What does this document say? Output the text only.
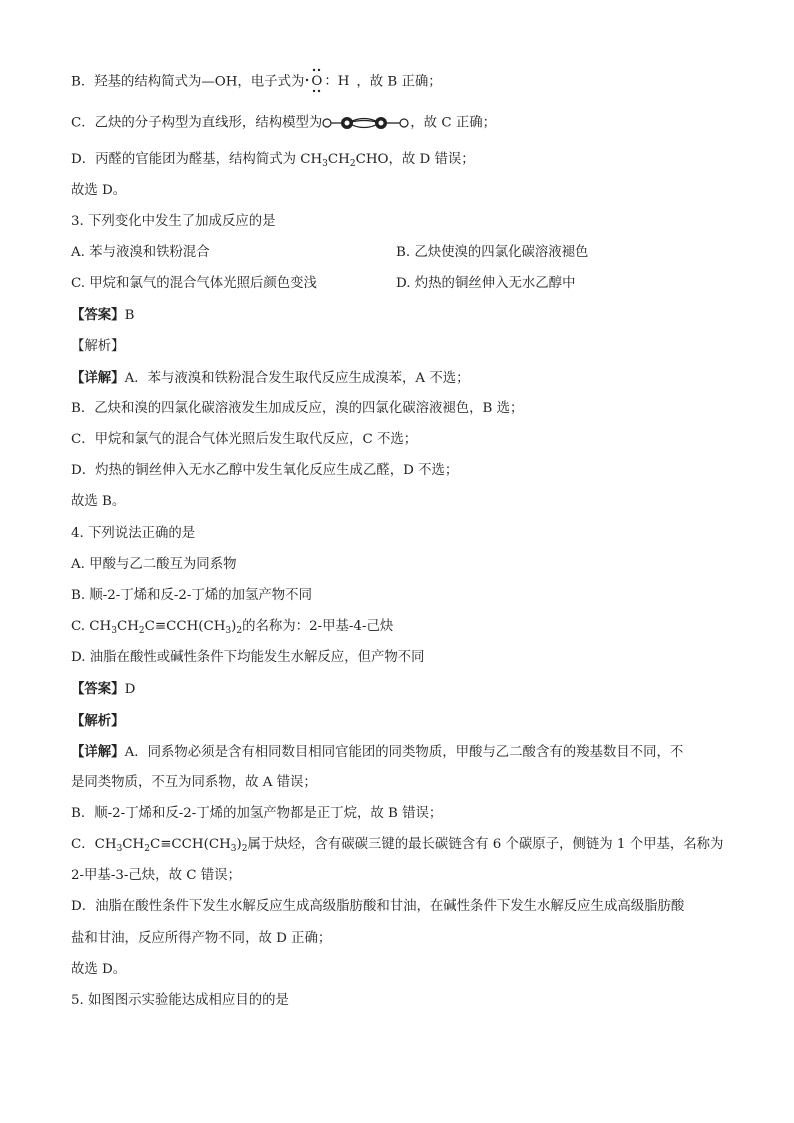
B．羟基的结构简式为—OH，电子式为 O ：H ，故 B 正确；
C．乙炔的分子构型为直线形，结构模型为	，故 C 正确；
D．丙醛的官能团为醛基，结构简式为 $CH_3CH_2CHO$，故 D 错误；
故选 D。
3. 下列变化中发生了加成反应的是
A. 苯与液溴和铁粉混合	B. 乙炔使溴的四氯化碳溶液褪色
C. 甲烷和氯气的混合气体光照后颜色变浅	D. 灼热的铜丝伸入无水乙醇中
【答案】B
【解析】
【详解】A．苯与液溴和铁粉混合发生取代反应生成溴苯，A 不选；
B．乙炔和溴的四氯化碳溶液发生加成反应，溴的四氯化碳溶液褪色，B 选；
C．甲烷和氯气的混合气体光照后发生取代反应，C 不选；
D．灼热的铜丝伸入无水乙醇中发生氧化反应生成乙醛，D 不选；
故选 B。
4. 下列说法正确的是
A. 甲酸与乙二酸互为同系物
B. 顺-2-丁烯和反-2-丁烯的加氢产物不同
C. $CH_3CH_2C\equiv CCH(CH_3)_2$的名称为：2-甲基-4-己炔
D. 油脂在酸性或碱性条件下均能发生水解反应，但产物不同
【答案】D
【解析】
【详解】A．同系物必须是含有相同数目相同官能团的同类物质，甲酸与乙二酸含有的羧基数目不同，不
是同类物质，不互为同系物，故 A 错误；
B．顺-2-丁烯和反-2-丁烯的加氢产物都是正丁烷，故 B 错误；
C．$CH_3CH_2C\equiv CCH(CH_3)_2$属于炔烃，含有碳碳三键的最长碳链含有 6 个碳原子，侧链为 1 个甲基，名称为
2-甲基-3-己炔，故 C 错误；
D．油脂在酸性条件下发生水解反应生成高级脂肪酸和甘油，在碱性条件下发生水解反应生成高级脂肪酸
盐和甘油，反应所得产物不同，故 D 正确；
故选 D。
5. 如图图示实验能达成相应目的的是
